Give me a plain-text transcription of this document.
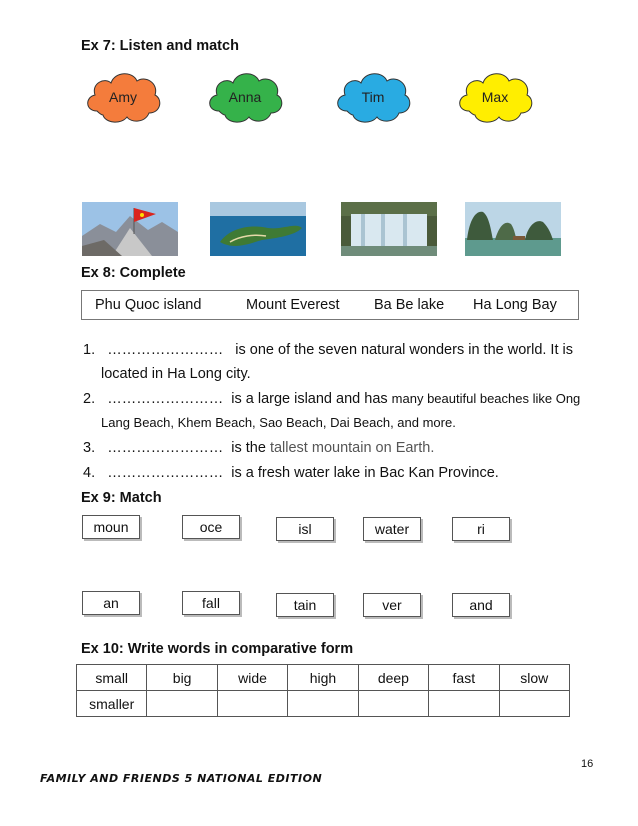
Ex 7: Listen and match
Amy	Anna	Tim	Max
Ex 8: Complete
Phu Quoc island	Mount Everest Ba Be lake Ha Long Bay
1. …………………… is one of the seven natural wonders in the world. It is
located in Ha Long city.
2. …………………… is a large island and has many beautiful beaches like Ong
Lang Beach, Khem Beach, Sao Beach, Dai Beach, and more.
3. …………………… is the tallest mountain on Earth.
4. …………………… is a fresh water lake in Bac Kan Province.
Ex 9: Match
moun	oce	isl	water	ri
an	fall	tain	ver	and
Ex 10: Write words in comparative form
small	big	wide	high	deep	fast	slow
smaller						
16
FAMILY AND FRIENDS 5 NATIONAL EDITION
